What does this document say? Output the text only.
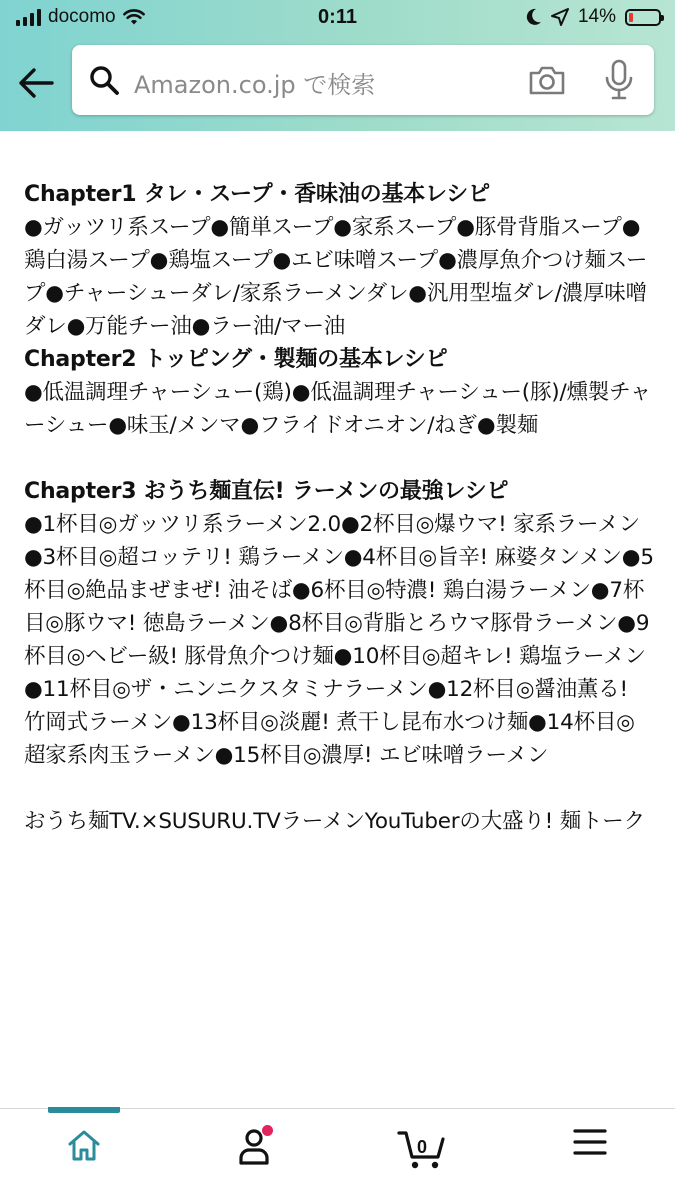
docomo	0:11	14%
Amazon.co.jp で検索
Chapter1 タレ・スープ・香味油の基本レシピ

●ガッツリ系スープ●簡単スープ●家系スープ●豚骨背脂スープ●鶏白湯スープ●鶏塩スープ●エビ味噌スープ●濃厚魚介つけ麺スープ●チャーシューダレ/家系ラーメンダレ●汎用型塩ダレ/濃厚味噌ダレ●万能チー油●ラー油/マー油

Chapter2 トッピング・製麺の基本レシピ

●低温調理チャーシュー(鶏)●低温調理チャーシュー(豚)/燻製チャーシュー●味玉/メンマ●フライドオニオン/ねぎ●製麺

Chapter3 おうち麺直伝! ラーメンの最強レシピ

●1杯目◎ガッツリ系ラーメン2.0●2杯目◎爆ウマ! 家系ラーメン●3杯目◎超コッテリ! 鶏ラーメン●4杯目◎旨辛! 麻婆タンメン●5杯目◎絶品まぜまぜ! 油そば●6杯目◎特濃! 鶏白湯ラーメン●7杯目◎豚ウマ! 徳島ラーメン●8杯目◎背脂とろウマ豚骨ラーメン●9杯目◎ヘビー級! 豚骨魚介つけ麺●10杯目◎超キレ! 鶏塩ラーメン●11杯目◎ザ・ニンニクスタミナラーメン●12杯目◎醤油薫る! 竹岡式ラーメン●13杯目◎淡麗! 煮干し昆布水つけ麺●14杯目◎超家系肉玉ラーメン●15杯目◎濃厚! エビ味噌ラーメン

おうち麺TV.×SUSURU.TVラーメンYouTuberの大盛り! 麺トーク

0
